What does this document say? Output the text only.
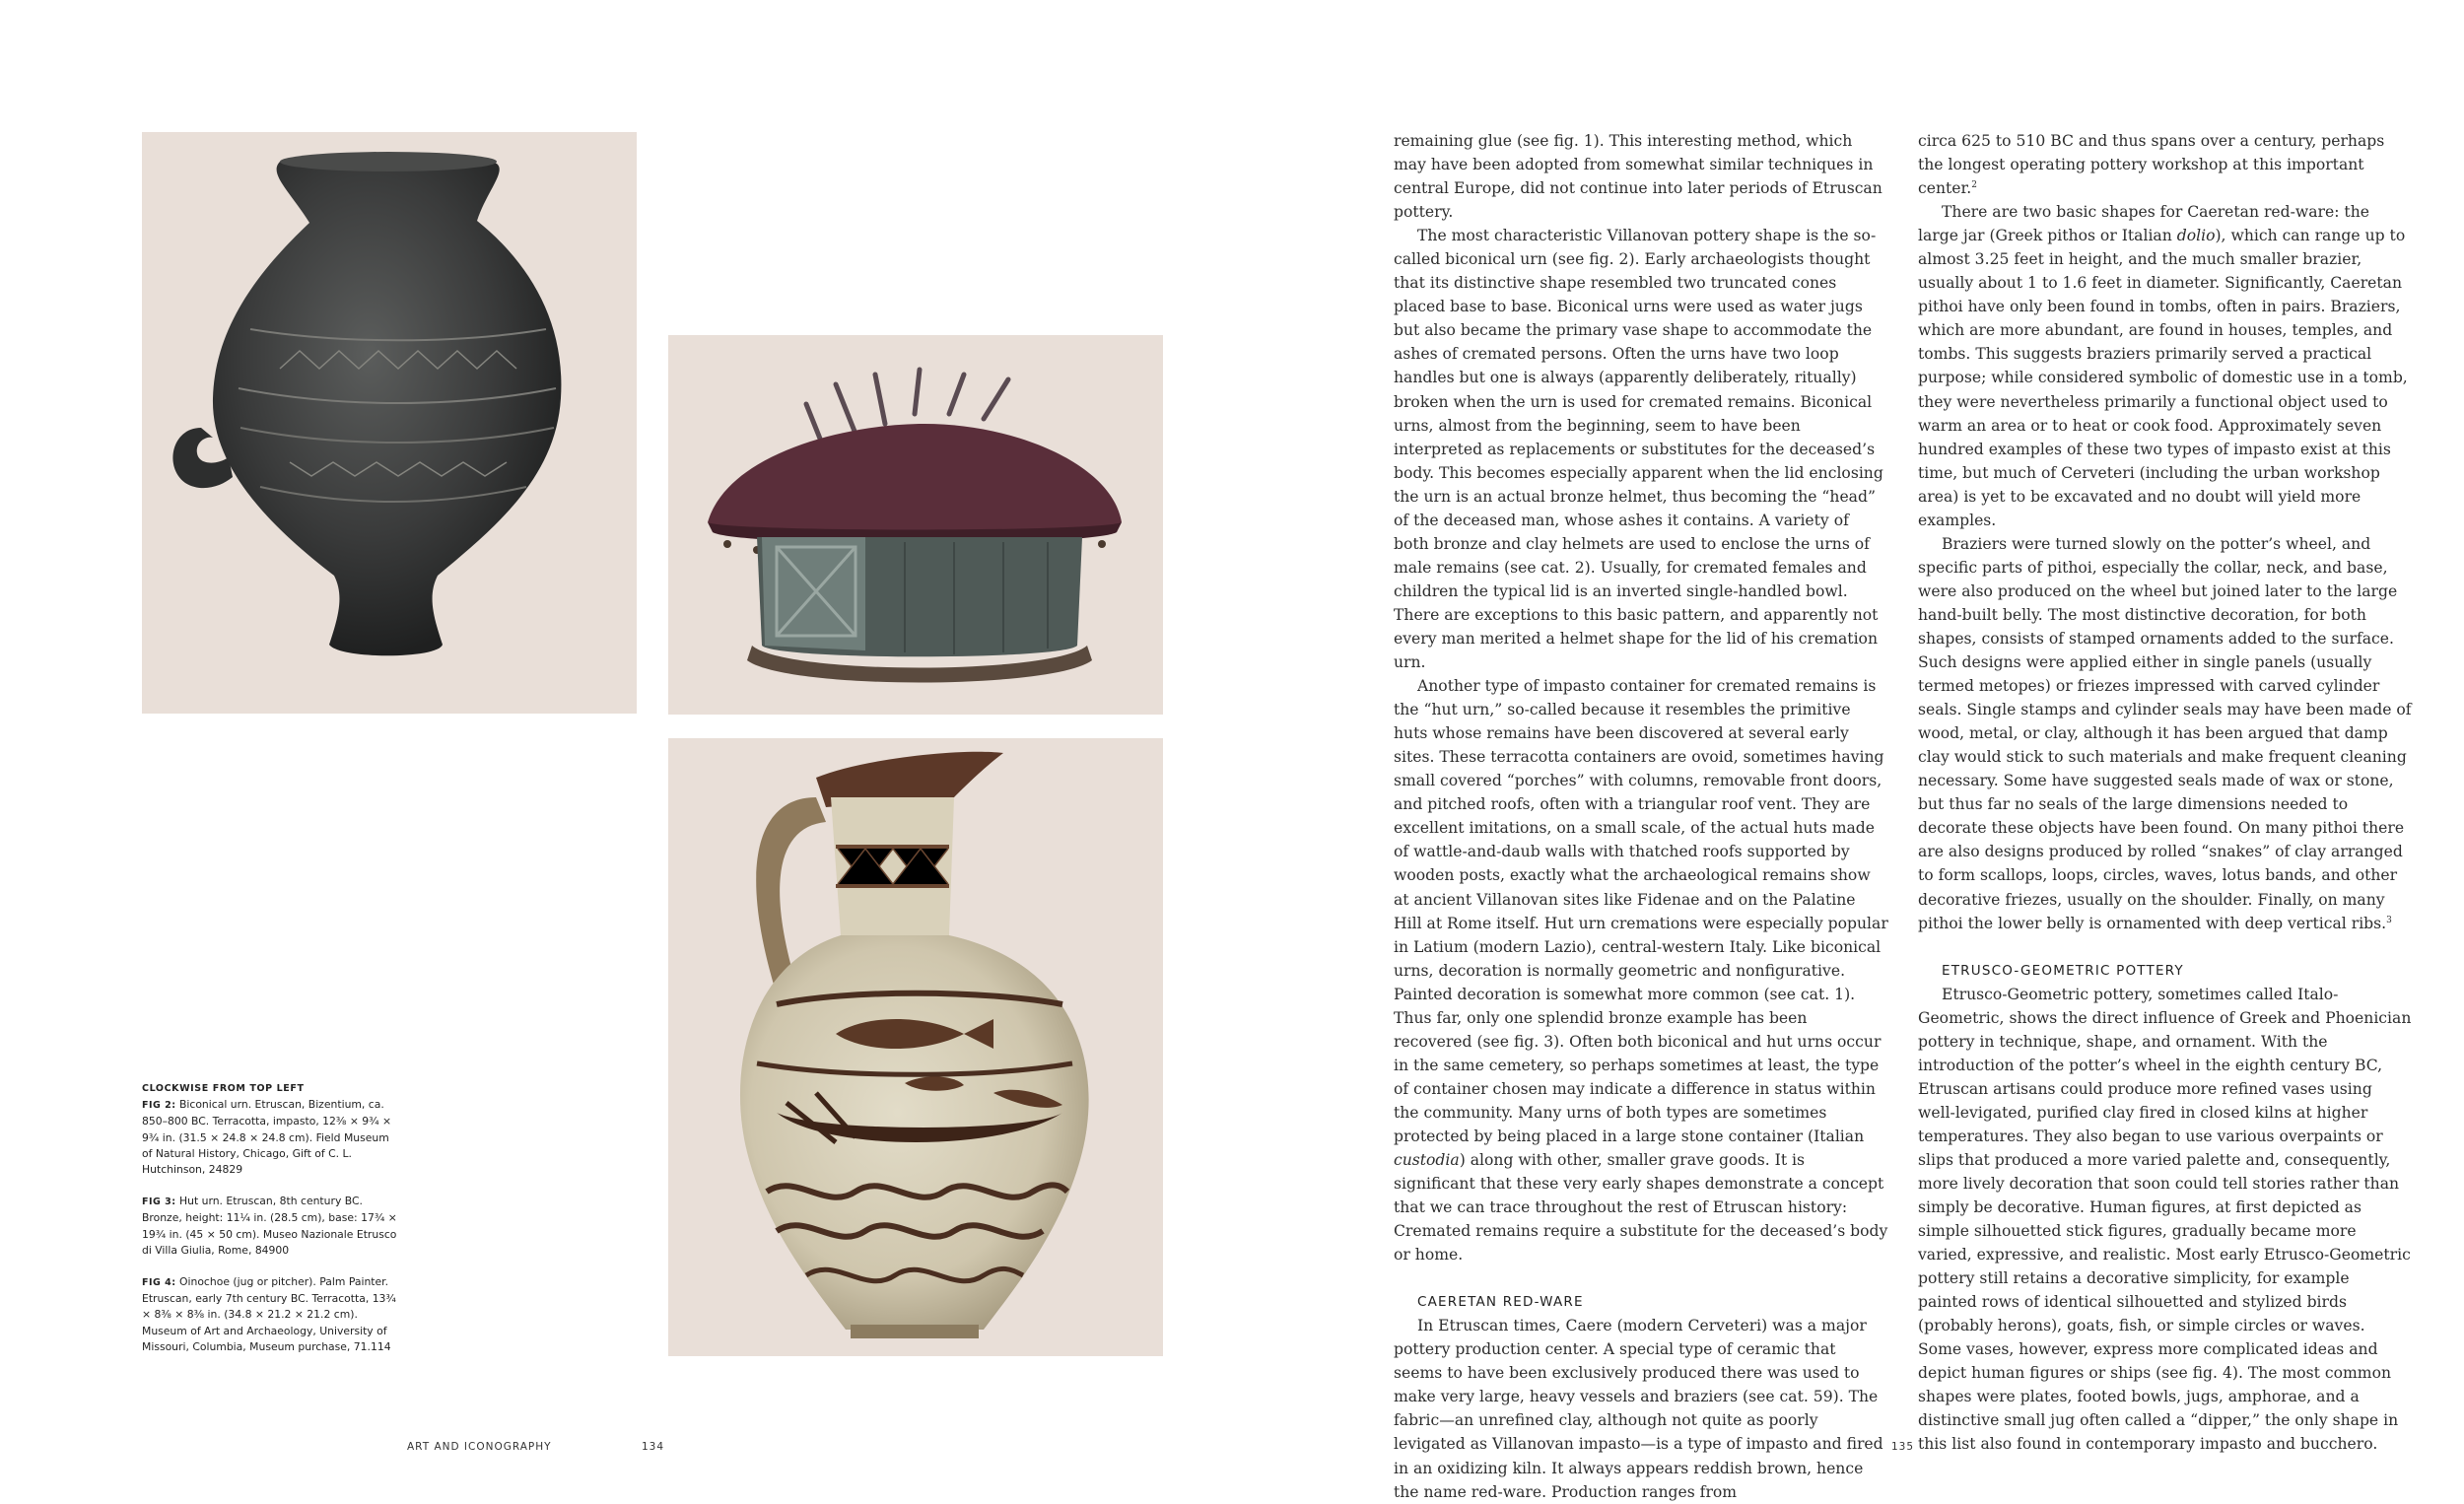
CLOCKWISE FROM TOP LEFT
FIG 2: Biconical urn. Etruscan, Bizentium, ca. 850–800 BC. Terracotta, impasto, 12⅜ × 9¾ × 9¾ in. (31.5 × 24.8 × 24.8 cm). Field Museum of Natural History, Chicago, Gift of C. L. Hutchinson, 24829
FIG 3: Hut urn. Etruscan, 8th century BC. Bronze, height: 11¼ in. (28.5 cm), base: 17¾ × 19¾ in. (45 × 50 cm). Museo Nazionale Etrusco di Villa Giulia, Rome, 84900
FIG 4: Oinochoe (jug or pitcher). Palm Painter. Etruscan, early 7th century BC. Terracotta, 13¾ × 8⅜ × 8⅜ in. (34.8 × 21.2 × 21.2 cm). Museum of Art and Archaeology, University of Missouri, Columbia, Museum purchase, 71.114

remaining glue (see fig. 1). This interesting method, which may have been adopted from somewhat similar techniques in central Europe, did not continue into later periods of Etruscan pottery.

The most characteristic Villanovan pottery shape is the so-called biconical urn (see fig. 2). Early archaeologists thought that its distinctive shape resembled two truncated cones placed base to base. Biconical urns were used as water jugs but also became the primary vase shape to accommodate the ashes of cremated persons. Often the urns have two loop handles but one is always (apparently deliberately, ritually) broken when the urn is used for cremated remains. Biconical urns, almost from the beginning, seem to have been interpreted as replacements or substitutes for the deceased’s body. This becomes especially apparent when the lid enclosing the urn is an actual bronze helmet, thus becoming the “head” of the deceased man, whose ashes it contains. A variety of both bronze and clay helmets are used to enclose the urns of male remains (see cat. 2). Usually, for cremated females and children the typical lid is an inverted single-handled bowl. There are exceptions to this basic pattern, and apparently not every man merited a helmet shape for the lid of his cremation urn.

Another type of impasto container for cremated remains is the “hut urn,” so-called because it resembles the primitive huts whose remains have been discovered at several early sites. These terracotta containers are ovoid, sometimes having small covered “porches” with columns, removable front doors, and pitched roofs, often with a triangular roof vent. They are excellent imitations, on a small scale, of the actual huts made of wattle-and-daub walls with thatched roofs supported by wooden posts, exactly what the archaeological remains show at ancient Villanovan sites like Fidenae and on the Palatine Hill at Rome itself. Hut urn cremations were especially popular in Latium (modern Lazio), central-western Italy. Like biconical urns, decoration is normally geometric and nonfigurative. Painted decoration is somewhat more common (see cat. 1). Thus far, only one splendid bronze example has been recovered (see fig. 3). Often both biconical and hut urns occur in the same cemetery, so perhaps sometimes at least, the type of container chosen may indicate a difference in status within the community. Many urns of both types are sometimes protected by being placed in a large stone container (Italian custodia) along with other, smaller grave goods. It is significant that these very early shapes demonstrate a concept that we can trace throughout the rest of Etruscan history: Cremated remains require a substitute for the deceased’s body or home.

CAERETAN RED-WARE

In Etruscan times, Caere (modern Cerveteri) was a major pottery production center. A special type of ceramic that seems to have been exclusively produced there was used to make very large, heavy vessels and braziers (see cat. 59). The fabric—an unrefined clay, although not quite as poorly levigated as Villanovan impasto—is a type of impasto and fired in an oxidizing kiln. It always appears reddish brown, hence the name red-ware. Production ranges from

circa 625 to 510 BC and thus spans over a century, perhaps the longest operating pottery workshop at this important center.$^2$

There are two basic shapes for Caeretan red-ware: the large jar (Greek pithos or Italian dolio), which can range up to almost 3.25 feet in height, and the much smaller brazier, usually about 1 to 1.6 feet in diameter. Significantly, Caeretan pithoi have only been found in tombs, often in pairs. Braziers, which are more abundant, are found in houses, temples, and tombs. This suggests braziers primarily served a practical purpose; while considered symbolic of domestic use in a tomb, they were nevertheless primarily a functional object used to warm an area or to heat or cook food. Approximately seven hundred examples of these two types of impasto exist at this time, but much of Cerveteri (including the urban workshop area) is yet to be excavated and no doubt will yield more examples.

Braziers were turned slowly on the potter’s wheel, and specific parts of pithoi, especially the collar, neck, and base, were also produced on the wheel but joined later to the large hand-built belly. The most distinctive decoration, for both shapes, consists of stamped ornaments added to the surface. Such designs were applied either in single panels (usually termed metopes) or friezes impressed with carved cylinder seals. Single stamps and cylinder seals may have been made of wood, metal, or clay, although it has been argued that damp clay would stick to such materials and make frequent cleaning necessary. Some have suggested seals made of wax or stone, but thus far no seals of the large dimensions needed to decorate these objects have been found. On many pithoi there are also designs produced by rolled “snakes” of clay arranged to form scallops, loops, circles, waves, lotus bands, and other decorative friezes, usually on the shoulder. Finally, on many pithoi the lower belly is ornamented with deep vertical ribs.$^3$

ETRUSCO-GEOMETRIC POTTERY

Etrusco-Geometric pottery, sometimes called Italo-Geometric, shows the direct influence of Greek and Phoenician pottery in technique, shape, and ornament. With the introduction of the potter’s wheel in the eighth century BC, Etruscan artisans could produce more refined vases using well-levigated, purified clay fired in closed kilns at higher temperatures. They also began to use various overpaints or slips that produced a more varied palette and, consequently, more lively decoration that soon could tell stories rather than simply be decorative. Human figures, at first depicted as simple silhouetted stick figures, gradually became more varied, expressive, and realistic. Most early Etrusco-Geometric pottery still retains a decorative simplicity, for example painted rows of identical silhouetted and stylized birds (probably herons), goats, fish, or simple circles or waves. Some vases, however, express more complicated ideas and depict human figures or ships (see fig. 4). The most common shapes were plates, footed bowls, jugs, amphorae, and a distinctive small jug often called a “dipper,” the only shape in this list also found in contemporary impasto and bucchero.

ART AND ICONOGRAPHY	134	135
